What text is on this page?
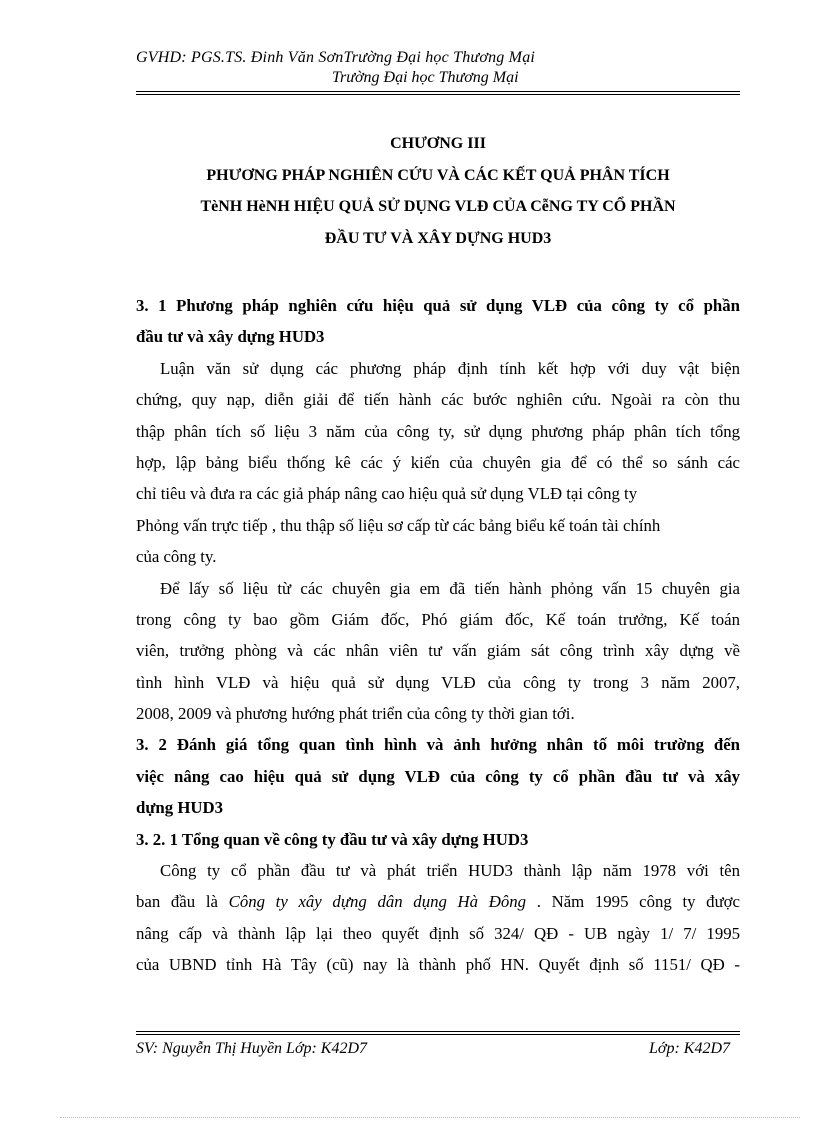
GVHD: PGS.TS. Đinh Văn SơnTrường Đại học Thương Mại
Trường Đại học Thương Mại
CHƯƠNG III
PHƯƠNG PHÁP NGHIÊN CỨU VÀ CÁC KẾT QUẢ PHÂN TÍCH
TèNH HèNH HIỆU QUẢ SỬ DỤNG VLĐ CỦA CễNG TY CỔ PHẦN
ĐẦU TƯ VÀ XÂY DỰNG HUD3
3. 1 Phương pháp nghiên cứu hiệu quả sử dụng VLĐ của công ty cổ phần
đầu tư và xây dựng HUD3
Luận văn sử dụng các phương pháp định tính kết hợp với duy vật biện
chứng, quy nạp, diễn giải để tiến hành các bước nghiên cứu. Ngoài ra còn thu
thập phân tích số liệu 3 năm của công ty, sử dụng phương pháp phân tích tổng
hợp, lập bảng biểu thống kê các ý kiến của chuyên gia để có thể so sánh các
chỉ tiêu và đưa ra các giả pháp nâng cao hiệu quả sử dụng VLĐ tại công ty
Phỏng vấn trực tiếp , thu thập số liệu sơ cấp từ các bảng biểu kế toán tài chính
của công ty.
Để lấy số liệu từ các chuyên gia em đã tiến hành phỏng vấn 15 chuyên gia
trong công ty bao gồm Giám đốc, Phó giám đốc, Kế toán trưởng, Kế toán
viên, trưởng phòng và các nhân viên tư vấn giám sát công trình xây dựng về
tình hình VLĐ và hiệu quả sử dụng VLĐ của công ty trong 3 năm 2007,
2008, 2009 và phương hướng phát triển của công ty thời gian tới.
3. 2 Đánh giá tổng quan tình hình và ảnh hưởng nhân tố môi trường đến
việc nâng cao hiệu quả sử dụng VLĐ của công ty cổ phần đầu tư và xây
dựng HUD3
3. 2. 1 Tổng quan về công ty đầu tư và xây dựng HUD3
Công ty cổ phần đầu tư và phát triển HUD3 thành lập năm 1978 với tên
ban đầu là Công ty xây dựng dân dụng Hà Đông . Năm 1995 công ty được
nâng cấp và thành lập lại theo quyết định số 324/ QĐ - UB ngày 1/ 7/ 1995
của UBND tỉnh Hà Tây (cũ) nay là thành phố HN. Quyết định số 1151/ QĐ -
SV: Nguyễn Thị Huyền Lớp: K42D7	Lớp: K42D7
